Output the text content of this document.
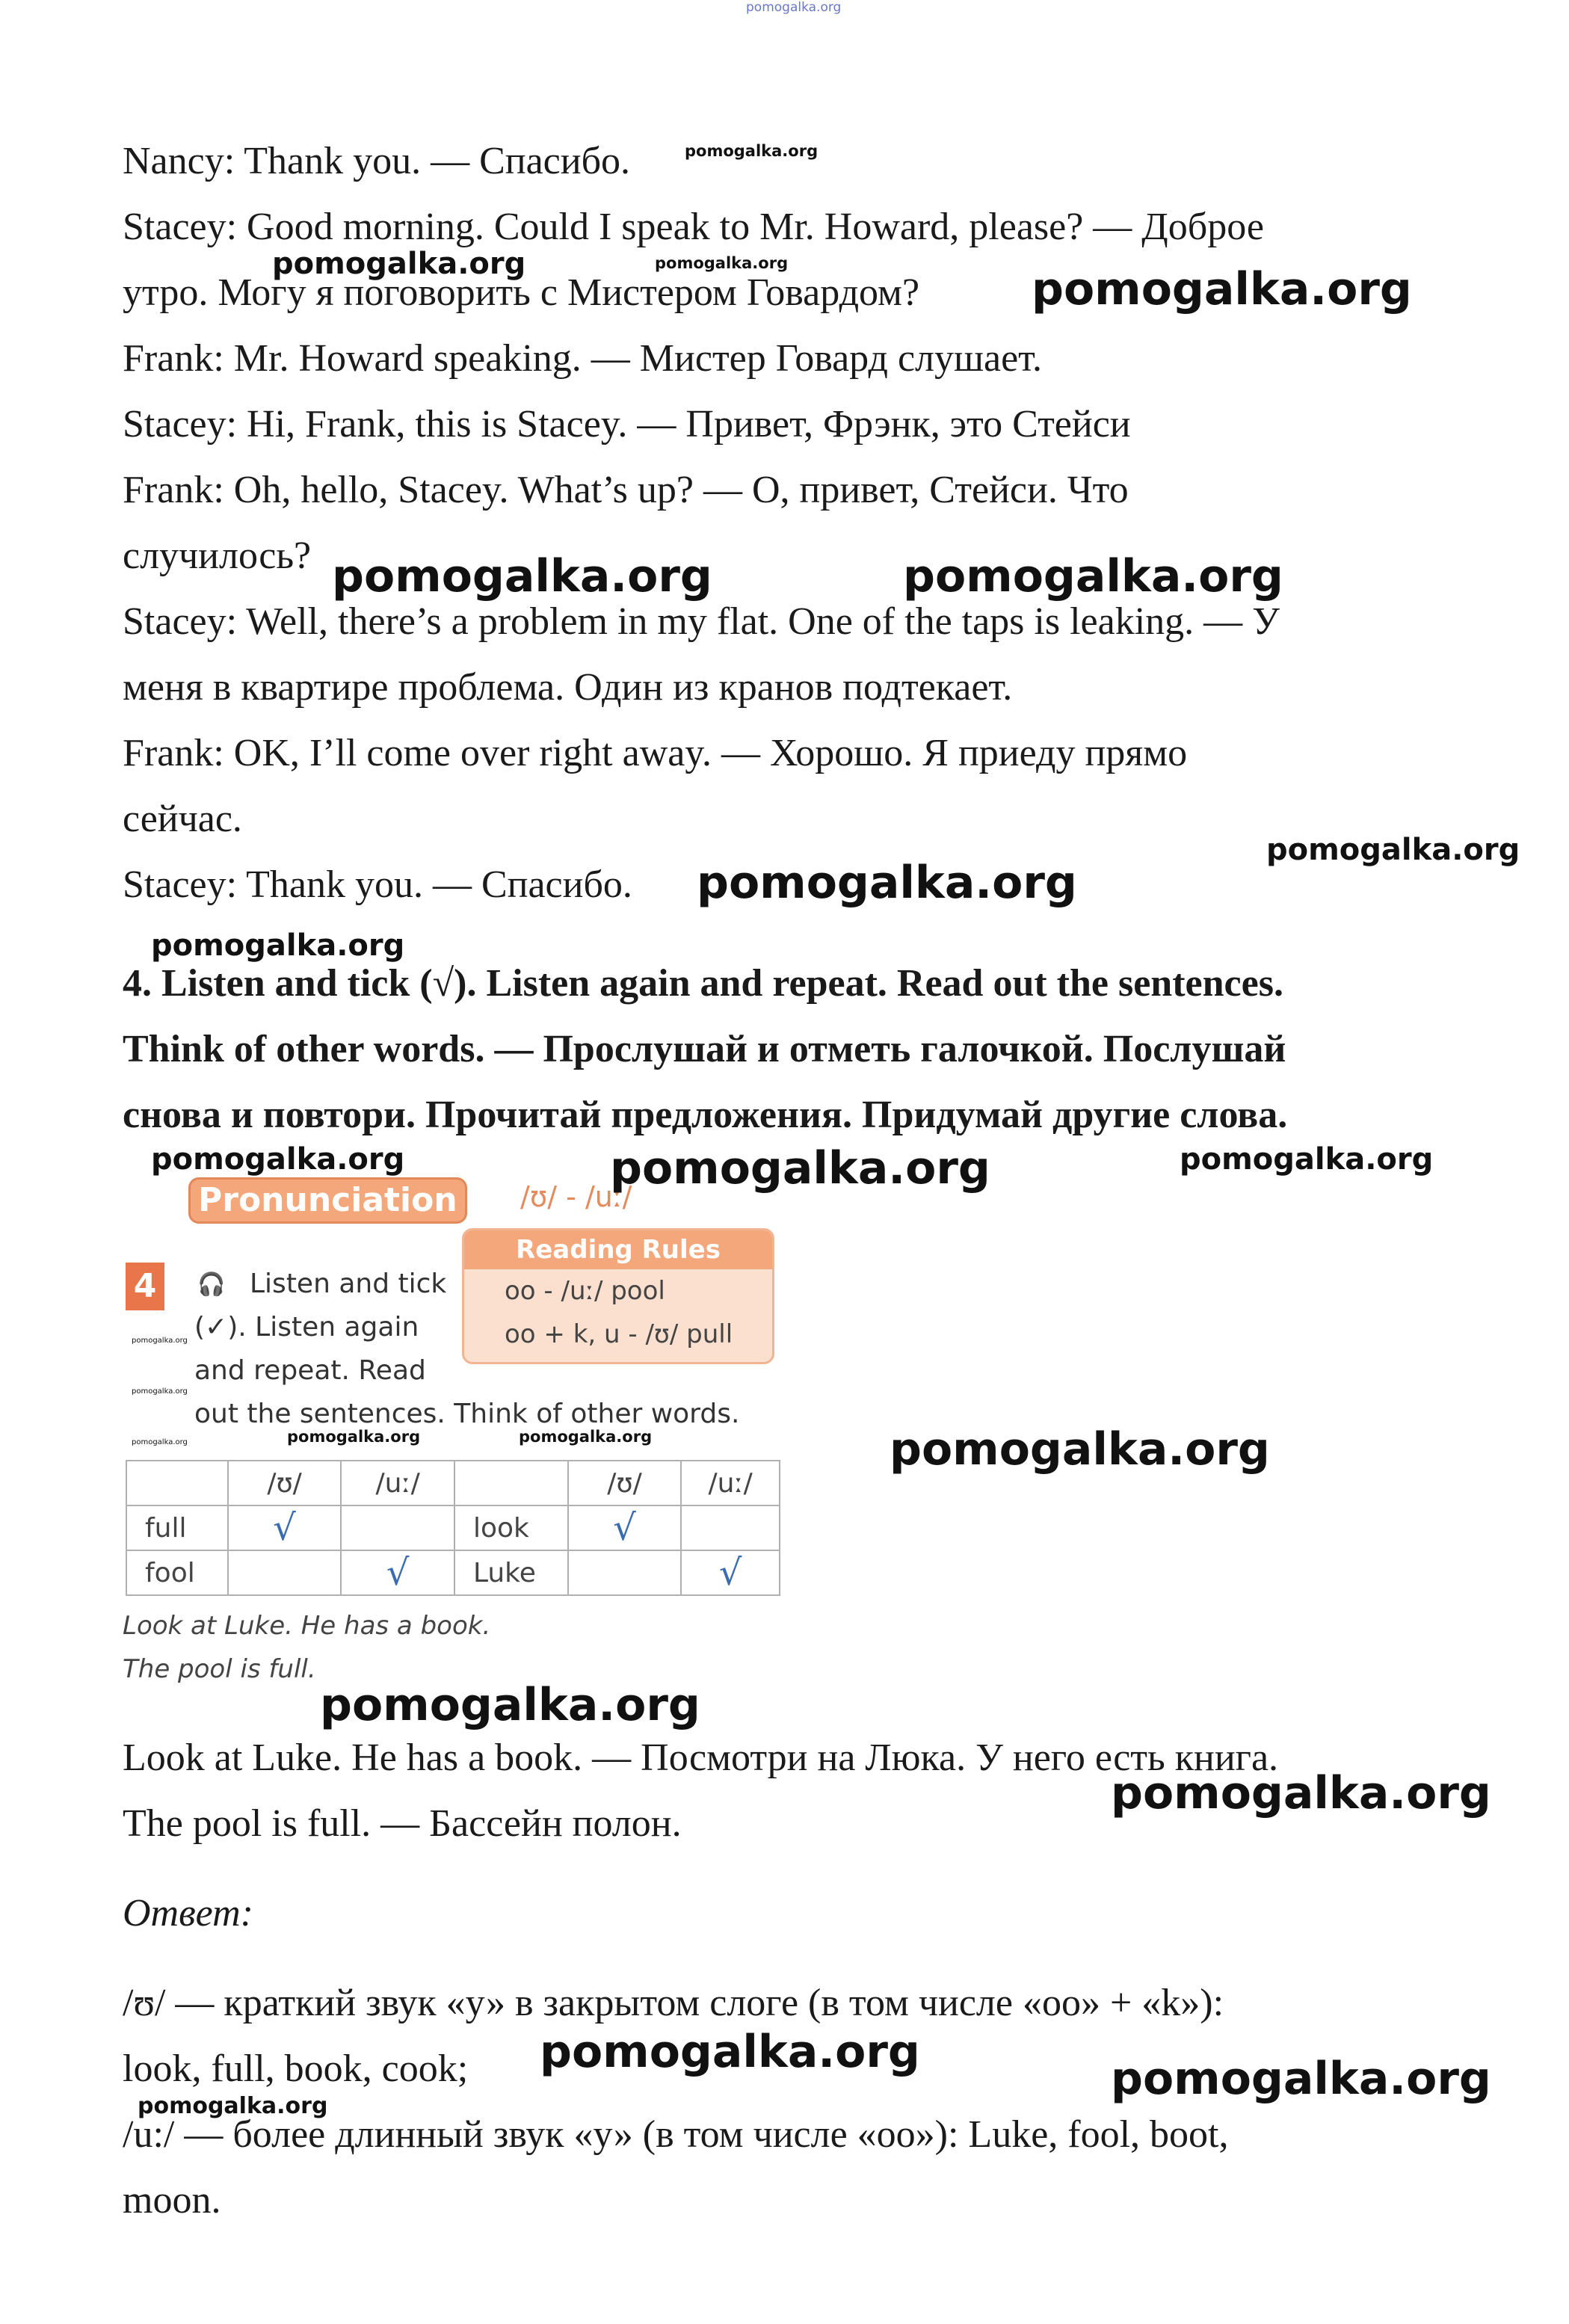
pomogalka.org
Nancy: Thank you. — Спасибо.
Stacey: Good morning. Could I speak to Mr. Howard, please? — Доброе
утро. Могу я поговорить с Мистером Говардом?
Frank: Mr. Howard speaking. — Мистер Говард слушает.
Stacey: Hi, Frank, this is Stacey. — Привет, Фрэнк, это Стейси
Frank: Oh, hello, Stacey. What’s up? — О, привет, Стейси. Что
случилось?
Stacey: Well, there’s a problem in my flat. One of the taps is leaking. — У
меня в квартире проблема. Один из кранов подтекает.
Frank: OK, I’ll come over right away. — Хорошо. Я приеду прямо
сейчас.
Stacey: Thank you. — Спасибо.
4. Listen and tick (√). Listen again and repeat. Read out the sentences.
Think of other words. — Прослушай и отметь галочкой. Послушай
снова и повтори. Прочитай предложения. Придумай другие слова.
Pronunciation	/ʊ/ - /uː/
4	🎧 Listen and tick
(✓). Listen again
and repeat. Read
out the sentences. Think of other words.
Reading Rules
oo - /uː/ pool
oo + k, u - /ʊ/ pull
	/ʊ/	/uː/		/ʊ/	/uː/
full	√		look	√	
fool		√	Luke		√
Look at Luke. He has a book.
The pool is full.
Look at Luke. He has a book. — Посмотри на Люка. У него есть книга.
The pool is full. — Бассейн полон.
Ответ:
/ʊ/ — краткий звук «у» в закрытом слоге (в том числе «оо» + «k»):
look, full, book, cook;
/u:/ — более длинный звук «у» (в том числе «оо»): Luke, fool, boot,
moon.
pomogalka.org
pomogalka.org	pomogalka.org	pomogalka.org
pomogalka.org	pomogalka.org
pomogalka.org
pomogalka.org
pomogalka.org
pomogalka.org	pomogalka.org	pomogalka.org
pomogalka.org
pomogalka.org
pomogalka.org	pomogalka.org	pomogalka.org	pomogalka.org
pomogalka.org
pomogalka.org
pomogalka.org
pomogalka.org
pomogalka.org
